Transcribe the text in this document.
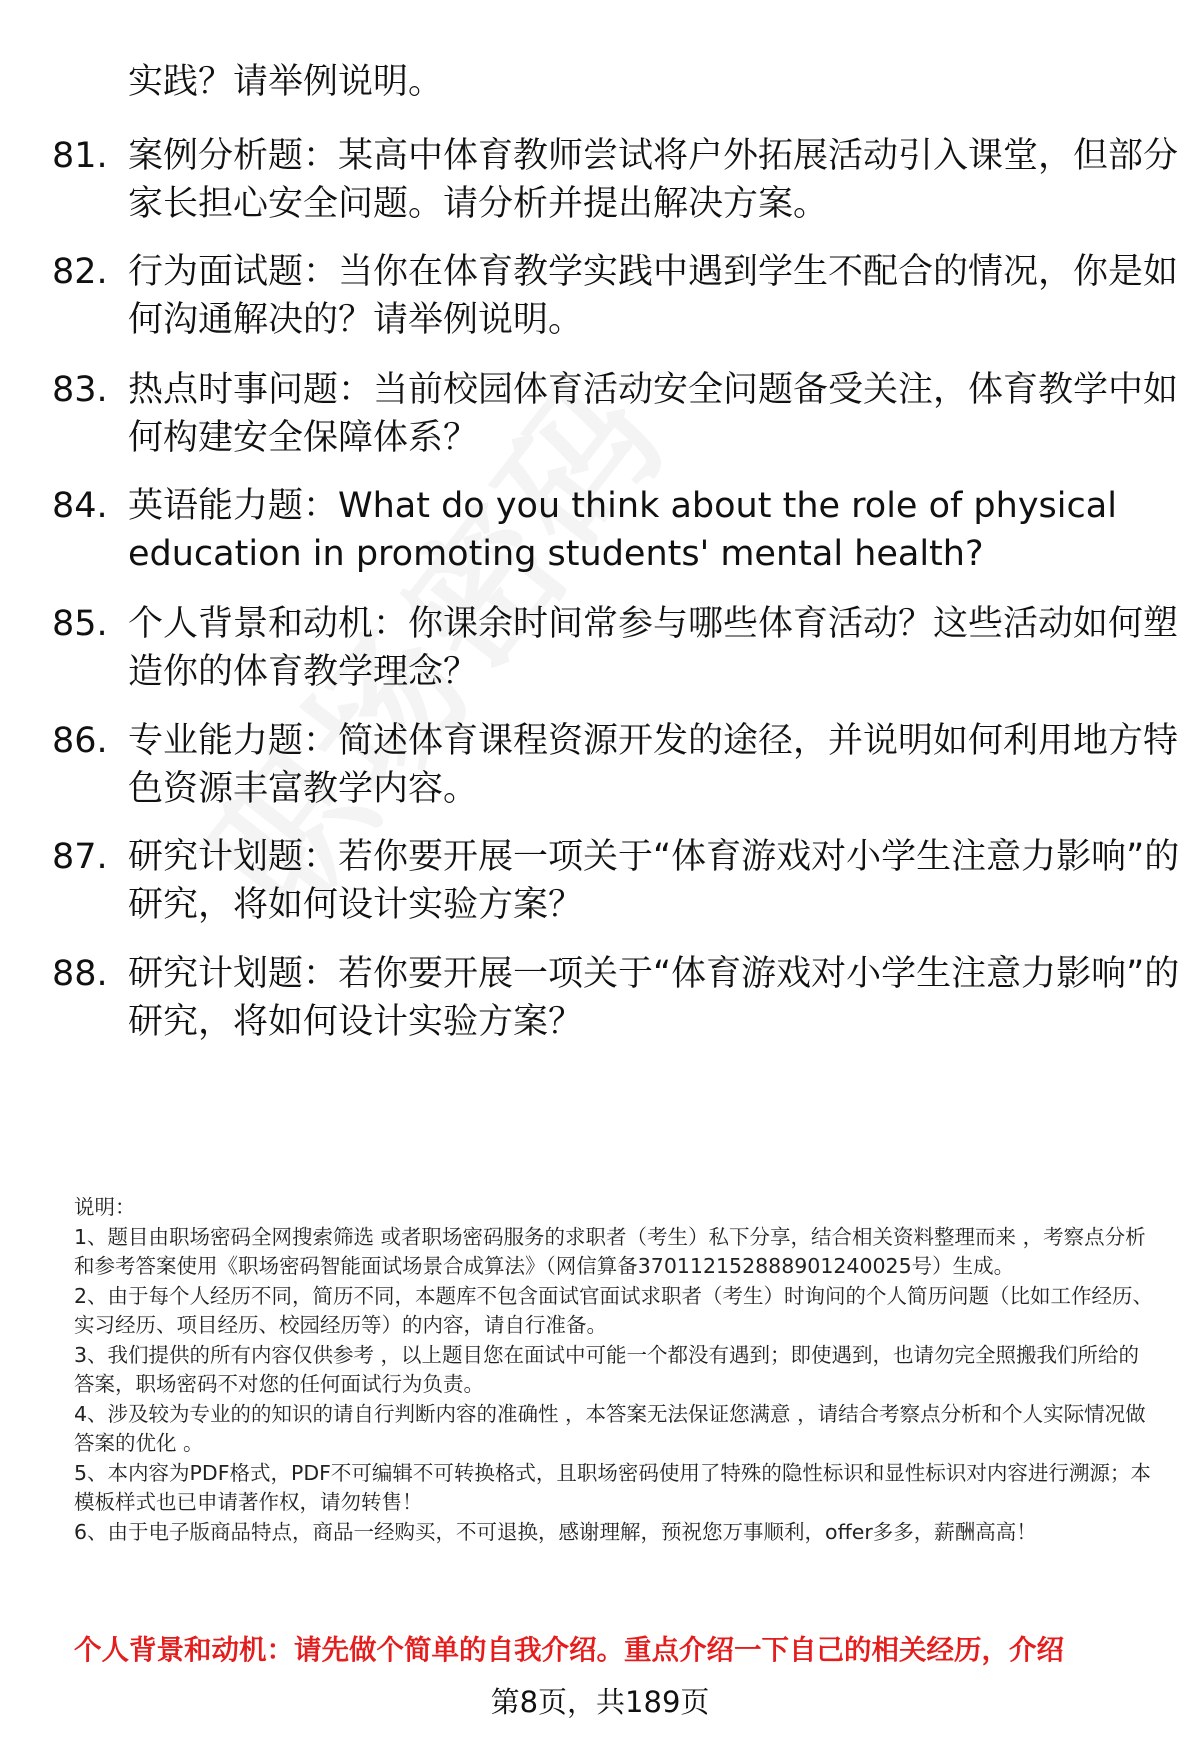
实践？请举例说明。

81. 案例分析题：某高中体育教师尝试将户外拓展活动引入课堂，但部分家长担心安全问题。请分析并提出解决方案。
82. 行为面试题：当你在体育教学实践中遇到学生不配合的情况，你是如何沟通解决的？请举例说明。
83. 热点时事问题：当前校园体育活动安全问题备受关注，体育教学中如何构建安全保障体系？
84. 英语能力题：What do you think about the role of physical education in promoting students' mental health?
85. 个人背景和动机：你课余时间常参与哪些体育活动？这些活动如何塑造你的体育教学理念？
86. 专业能力题：简述体育课程资源开发的途径，并说明如何利用地方特色资源丰富教学内容。
87. 研究计划题：若你要开展一项关于“体育游戏对小学生注意力影响”的研究，将如何设计实验方案？
88. 研究计划题：若你要开展一项关于“体育游戏对小学生注意力影响”的研究，将如何设计实验方案？

说明：

1、题目由职场密码全网搜索筛选 或者职场密码服务的求职者（考生）私下分享，结合相关资料整理而来 ，考察点分析和参考答案使用《职场密码智能面试场景合成算法》（网信算备370112152888901240025号）生成。

2、由于每个人经历不同，简历不同，本题库不包含面试官面试求职者（考生）时询问的个人简历问题（比如工作经历、实习经历、项目经历、校园经历等）的内容，请自行准备。

3、我们提供的所有内容仅供参考 ，以上题目您在面试中可能一个都没有遇到；即使遇到，也请勿完全照搬我们所给的答案，职场密码不对您的任何面试行为负责。

4、涉及较为专业的的知识的请自行判断内容的准确性 ，本答案无法保证您满意 ，请结合考察点分析和个人实际情况做答案的优化 。

5、本内容为PDF格式，PDF不可编辑不可转换格式，且职场密码使用了特殊的隐性标识和显性标识对内容进行溯源；本模板样式也已申请著作权，请勿转售！

6、由于电子版商品特点，商品一经购买，不可退换，感谢理解，预祝您万事顺利，offer多多，薪酬高高！

个人背景和动机：请先做个简单的自我介绍。重点介绍一下自己的相关经历，介绍
第8页，共189页
